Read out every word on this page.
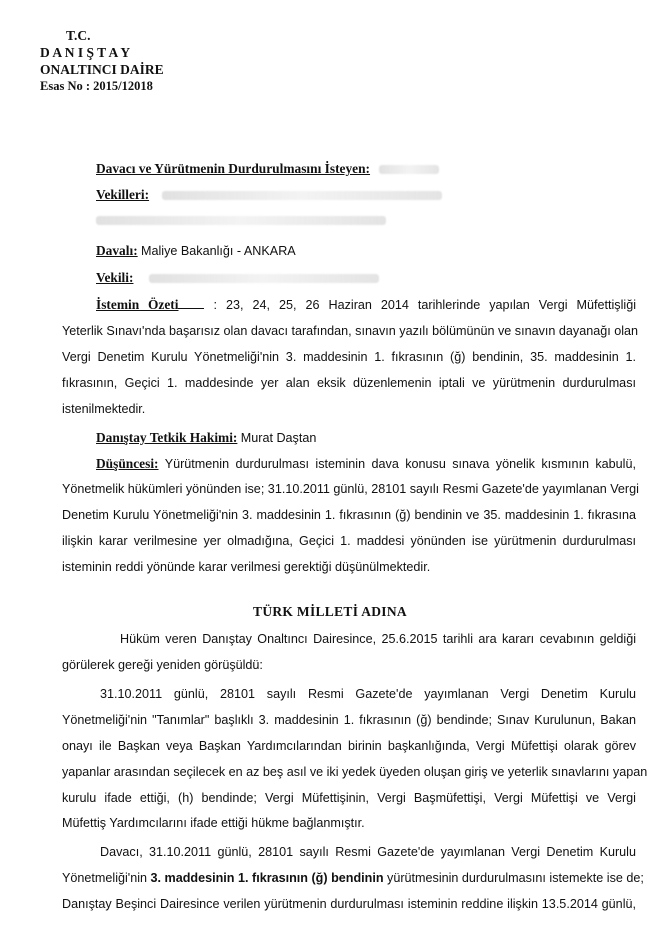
T.C.
D A N I Ş T A Y
ONALTINCI DAİRE
Esas No : 2015/12018
Davacı ve Yürütmenin Durdurulmasını İsteyen:
Vekilleri:
Davalı: Maliye Bakanlığı - ANKARA
Vekili:
İstemin Özeti	: 23, 24, 25, 26 Haziran 2014 tarihlerinde yapılan Vergi Müfettişliği
Yeterlik Sınavı'nda başarısız olan davacı tarafından, sınavın yazılı bölümünün ve sınavın dayanağı olan
Vergi Denetim Kurulu Yönetmeliği'nin 3. maddesinin 1. fıkrasının (ğ) bendinin, 35. maddesinin 1.
fıkrasının, Geçici 1. maddesinde yer alan eksik düzenlemenin iptali ve yürütmenin durdurulması
istenilmektedir.
Danıştay Tetkik Hakimi: Murat Daştan
Düşüncesi: Yürütmenin durdurulması isteminin dava konusu sınava yönelik kısmının kabulü,
Yönetmelik hükümleri yönünden ise; 31.10.2011 günlü, 28101 sayılı Resmi Gazete'de yayımlanan Vergi
Denetim Kurulu Yönetmeliği'nin 3. maddesinin 1. fıkrasının (ğ) bendinin ve 35. maddesinin 1. fıkrasına
ilişkin karar verilmesine yer olmadığına, Geçici 1. maddesi yönünden ise yürütmenin durdurulması
isteminin reddi yönünde karar verilmesi gerektiği düşünülmektedir.
TÜRK MİLLETİ ADINA
Hüküm veren Danıştay Onaltıncı Dairesince, 25.6.2015 tarihli ara kararı cevabının geldiği
görülerek gereği yeniden görüşüldü:
31.10.2011 günlü, 28101 sayılı Resmi Gazete'de yayımlanan Vergi Denetim Kurulu
Yönetmeliği'nin "Tanımlar" başlıklı 3. maddesinin 1. fıkrasının (ğ) bendinde; Sınav Kurulunun, Bakan
onayı ile Başkan veya Başkan Yardımcılarından birinin başkanlığında, Vergi Müfettişi olarak görev
yapanlar arasından seçilecek en az beş asıl ve iki yedek üyeden oluşan giriş ve yeterlik sınavlarını yapan
kurulu ifade ettiği, (h) bendinde; Vergi Müfettişinin, Vergi Başmüfettişi, Vergi Müfettişi ve Vergi
Müfettiş Yardımcılarını ifade ettiği hükme bağlanmıştır.
Davacı, 31.10.2011 günlü, 28101 sayılı Resmi Gazete'de yayımlanan Vergi Denetim Kurulu
Yönetmeliği'nin 3. maddesinin 1. fıkrasının (ğ) bendinin yürütmesinin durdurulmasını istemekte ise de;
Danıştay Beşinci Dairesince verilen yürütmenin durdurulması isteminin reddine ilişkin 13.5.2014 günlü,
